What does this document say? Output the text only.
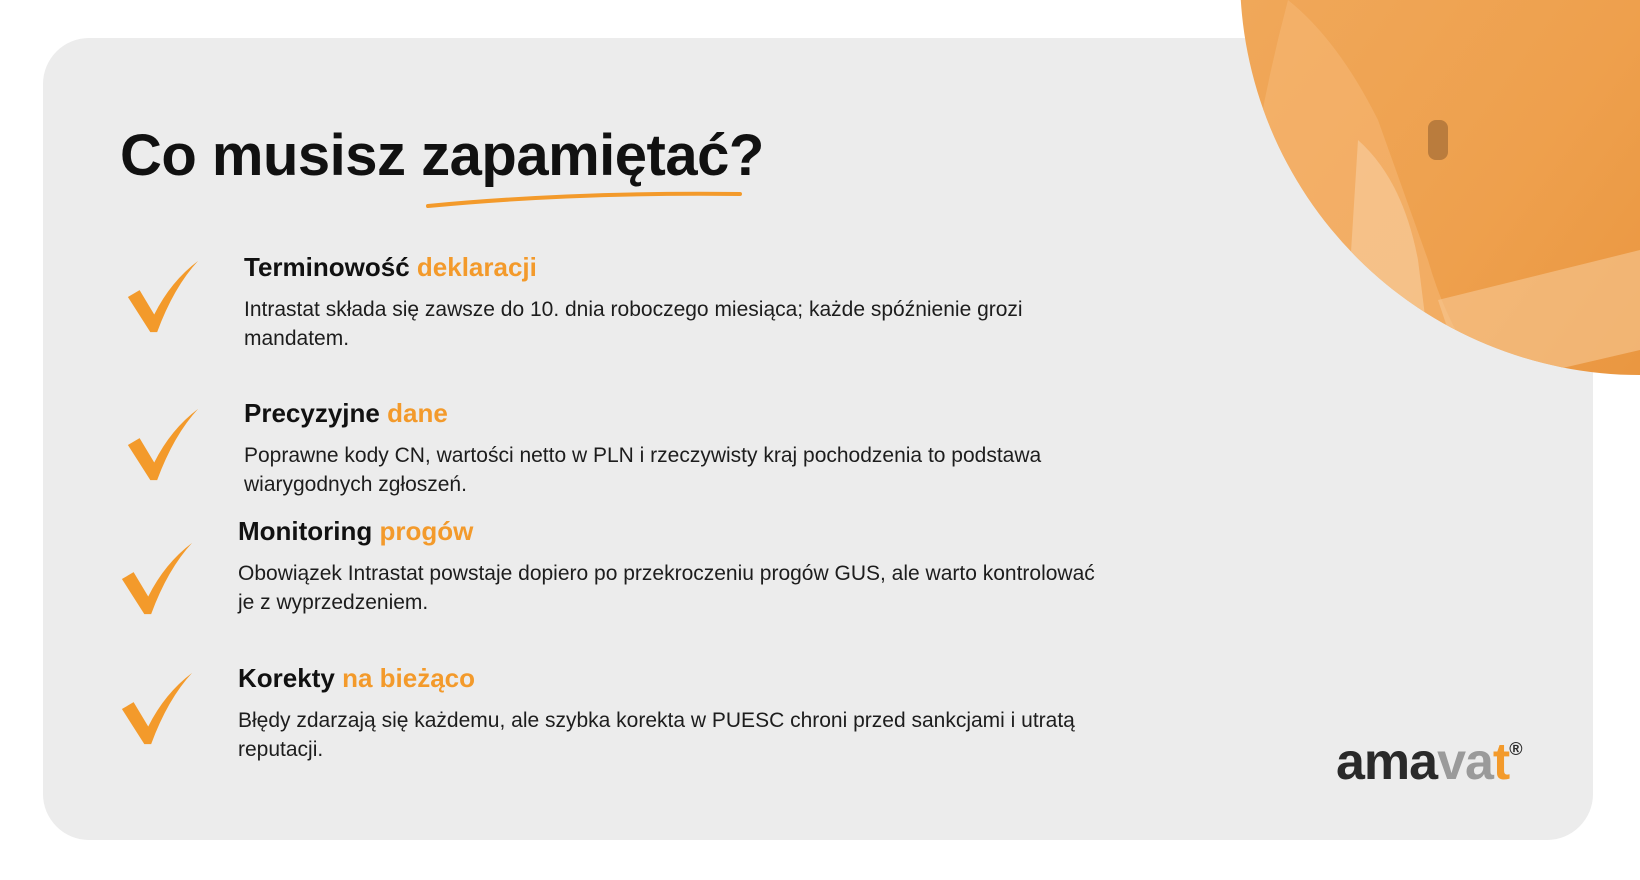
Co musisz zapamiętać?
Terminowość deklaracji

Intrastat składa się zawsze do 10. dnia roboczego miesiąca; każde spóźnienie grozi mandatem.

Precyzyjne dane

Poprawne kody CN, wartości netto w PLN i rzeczywisty kraj pochodzenia to podstawa wiarygodnych zgłoszeń.

Monitoring progów

Obowiązek Intrastat powstaje dopiero po przekroczeniu progów GUS, ale warto kontrolować je z wyprzedzeniem.

Korekty na bieżąco

Błędy zdarzają się każdemu, ale szybka korekta w PUESC chroni przed sankcjami i utratą reputacji.	amavat®
